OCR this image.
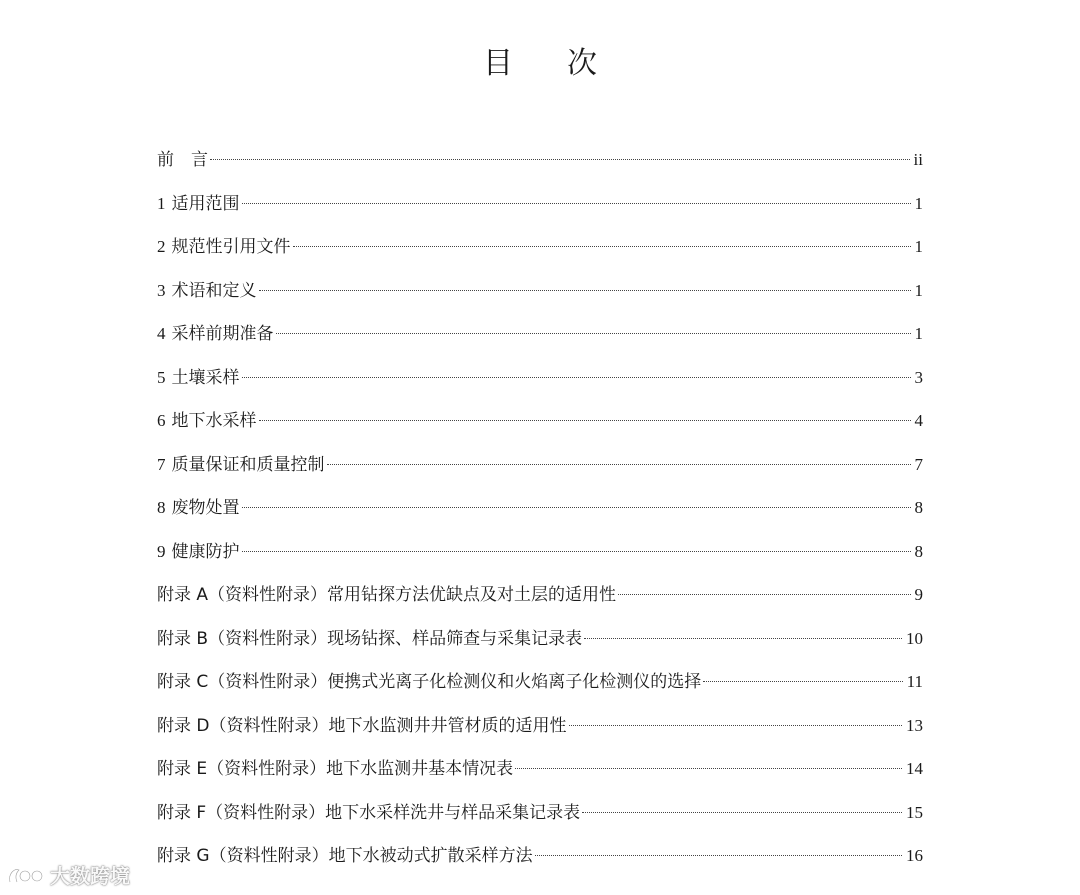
目 次
前　言	ii
1 适用范围	1
2 规范性引用文件	1
3 术语和定义	1
4 采样前期准备	1
5 土壤采样	3
6 地下水采样	4
7 质量保证和质量控制	7
8 废物处置	8
9 健康防护	8
附录 A（资料性附录）常用钻探方法优缺点及对土层的适用性	9
附录 B（资料性附录）现场钻探、样品筛查与采集记录表	10
附录 C（资料性附录）便携式光离子化检测仪和火焰离子化检测仪的选择	11
附录 D（资料性附录）地下水监测井井管材质的适用性	13
附录 E（资料性附录）地下水监测井基本情况表	14
附录 F（资料性附录）地下水采样洗井与样品采集记录表	15
附录 G（资料性附录）地下水被动式扩散采样方法	16
大数跨境
